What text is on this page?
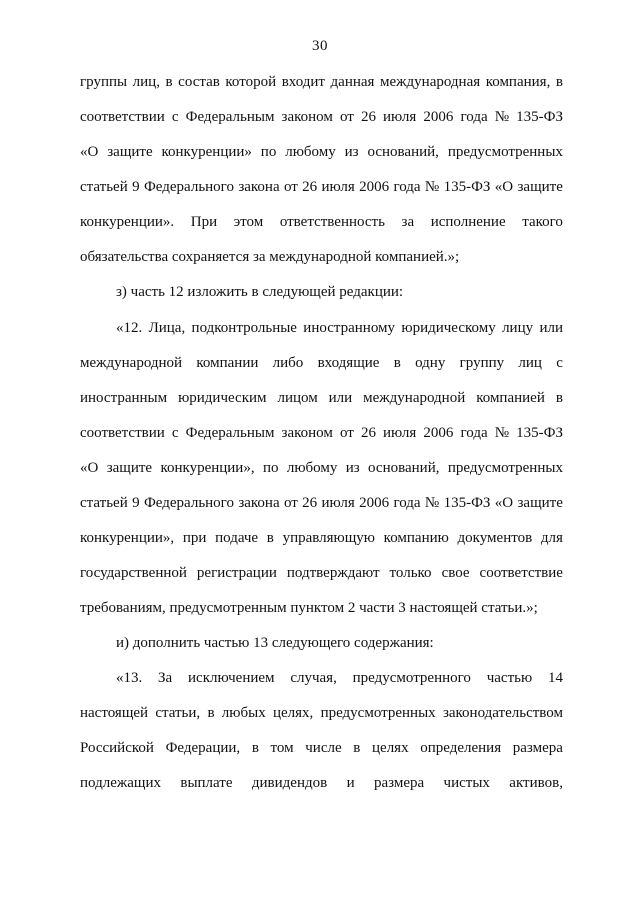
30
группы лиц, в состав которой входит данная международная компания, в
соответствии с Федеральным законом от 26 июля 2006 года № 135-ФЗ
«О защите конкуренции» по любому из оснований, предусмотренных
статьей 9 Федерального закона от 26 июля 2006 года № 135-ФЗ «О защите
конкуренции». При этом ответственность за исполнение такого
обязательства сохраняется за международной компанией.»;
з) часть 12 изложить в следующей редакции:
«12. Лица, подконтрольные иностранному юридическому лицу или
международной компании либо входящие в одну группу лиц с
иностранным юридическим лицом или международной компанией в
соответствии с Федеральным законом от 26 июля 2006 года № 135-ФЗ
«О защите конкуренции», по любому из оснований, предусмотренных
статьей 9 Федерального закона от 26 июля 2006 года № 135-ФЗ «О защите
конкуренции», при подаче в управляющую компанию документов для
государственной регистрации подтверждают только свое соответствие
требованиям, предусмотренным пунктом 2 части 3 настоящей статьи.»;
и) дополнить частью 13 следующего содержания:
«13. За исключением случая, предусмотренного частью 14
настоящей статьи, в любых целях, предусмотренных законодательством
Российской Федерации, в том числе в целях определения размера
подлежащих выплате дивидендов и размера чистых активов,
